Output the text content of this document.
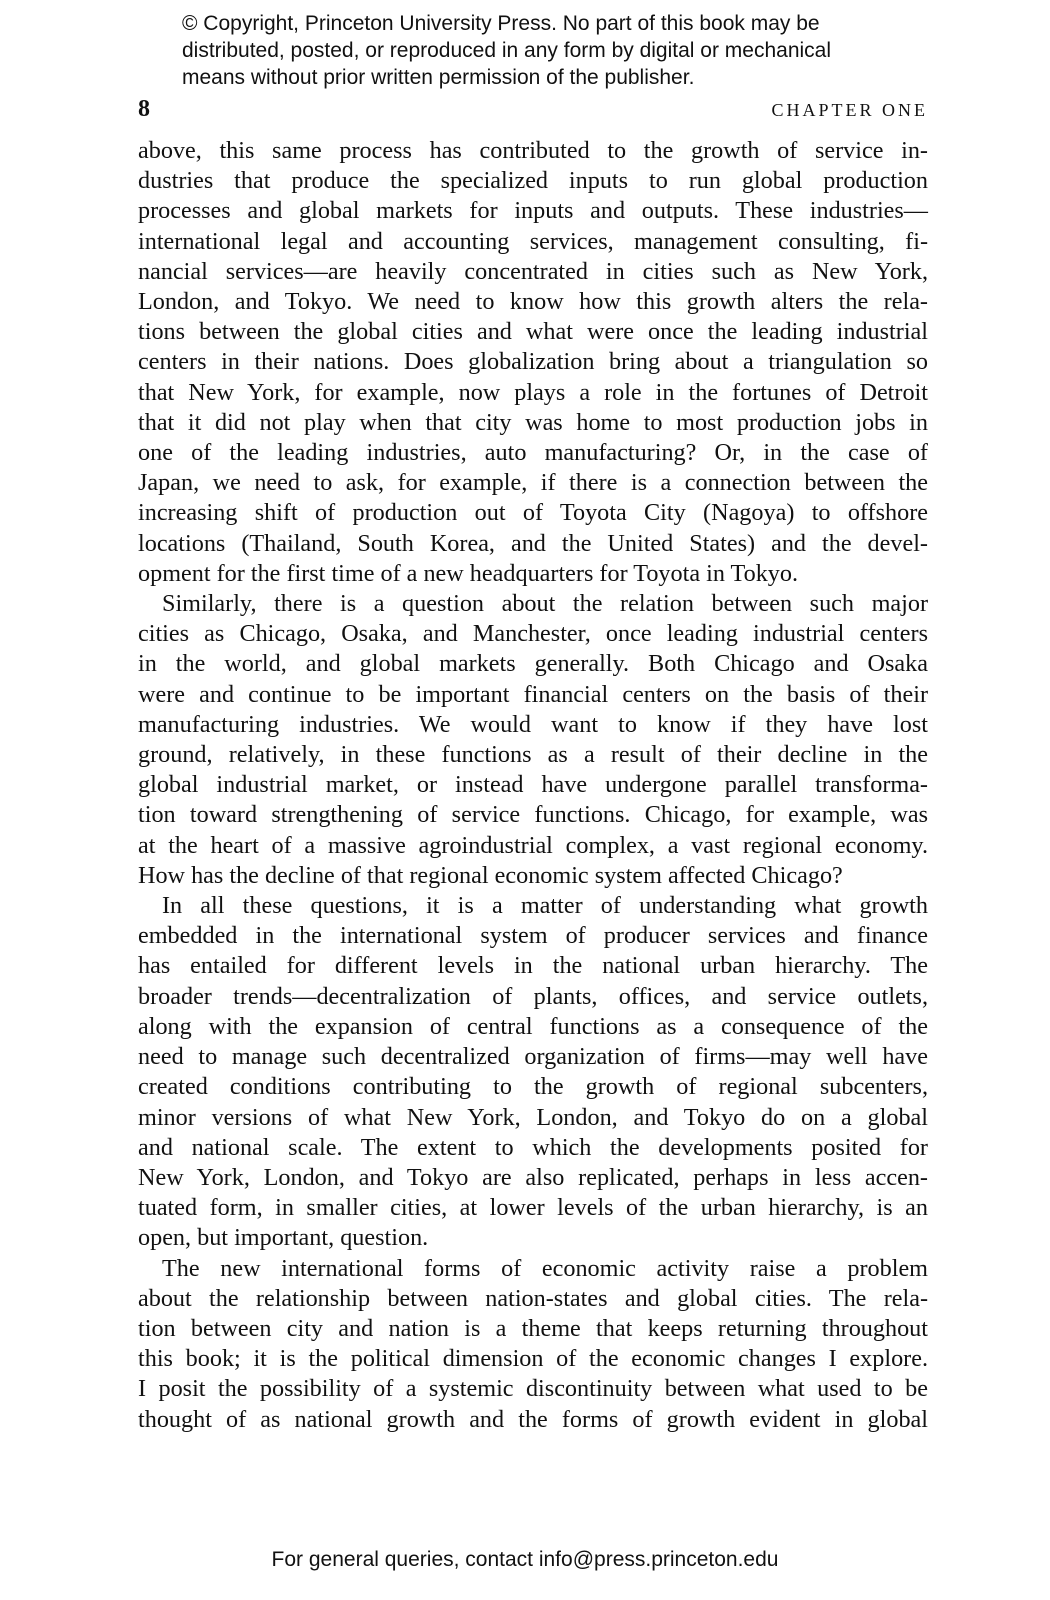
© Copyright, Princeton University Press. No part of this book may be
distributed, posted, or reproduced in any form by digital or mechanical
means without prior written permission of the publisher.
8	CHAPTER ONE
above, this same process has contributed to the growth of service in-
dustries that produce the specialized inputs to run global production
processes and global markets for inputs and outputs. These industries—
international legal and accounting services, management consulting, fi-
nancial services—are heavily concentrated in cities such as New York,
London, and Tokyo. We need to know how this growth alters the rela-
tions between the global cities and what were once the leading industrial
centers in their nations. Does globalization bring about a triangulation so
that New York, for example, now plays a role in the fortunes of Detroit
that it did not play when that city was home to most production jobs in
one of the leading industries, auto manufacturing? Or, in the case of
Japan, we need to ask, for example, if there is a connection between the
increasing shift of production out of Toyota City (Nagoya) to offshore
locations (Thailand, South Korea, and the United States) and the devel-
opment for the first time of a new headquarters for Toyota in Tokyo.
Similarly, there is a question about the relation between such major
cities as Chicago, Osaka, and Manchester, once leading industrial centers
in the world, and global markets generally. Both Chicago and Osaka
were and continue to be important financial centers on the basis of their
manufacturing industries. We would want to know if they have lost
ground, relatively, in these functions as a result of their decline in the
global industrial market, or instead have undergone parallel transforma-
tion toward strengthening of service functions. Chicago, for example, was
at the heart of a massive agroindustrial complex, a vast regional economy.
How has the decline of that regional economic system affected Chicago?
In all these questions, it is a matter of understanding what growth
embedded in the international system of producer services and finance
has entailed for different levels in the national urban hierarchy. The
broader trends—decentralization of plants, offices, and service outlets,
along with the expansion of central functions as a consequence of the
need to manage such decentralized organization of firms—may well have
created conditions contributing to the growth of regional subcenters,
minor versions of what New York, London, and Tokyo do on a global
and national scale. The extent to which the developments posited for
New York, London, and Tokyo are also replicated, perhaps in less accen-
tuated form, in smaller cities, at lower levels of the urban hierarchy, is an
open, but important, question.
The new international forms of economic activity raise a problem
about the relationship between nation-states and global cities. The rela-
tion between city and nation is a theme that keeps returning throughout
this book; it is the political dimension of the economic changes I explore.
I posit the possibility of a systemic discontinuity between what used to be
thought of as national growth and the forms of growth evident in global
For general queries, contact info@press.princeton.edu
